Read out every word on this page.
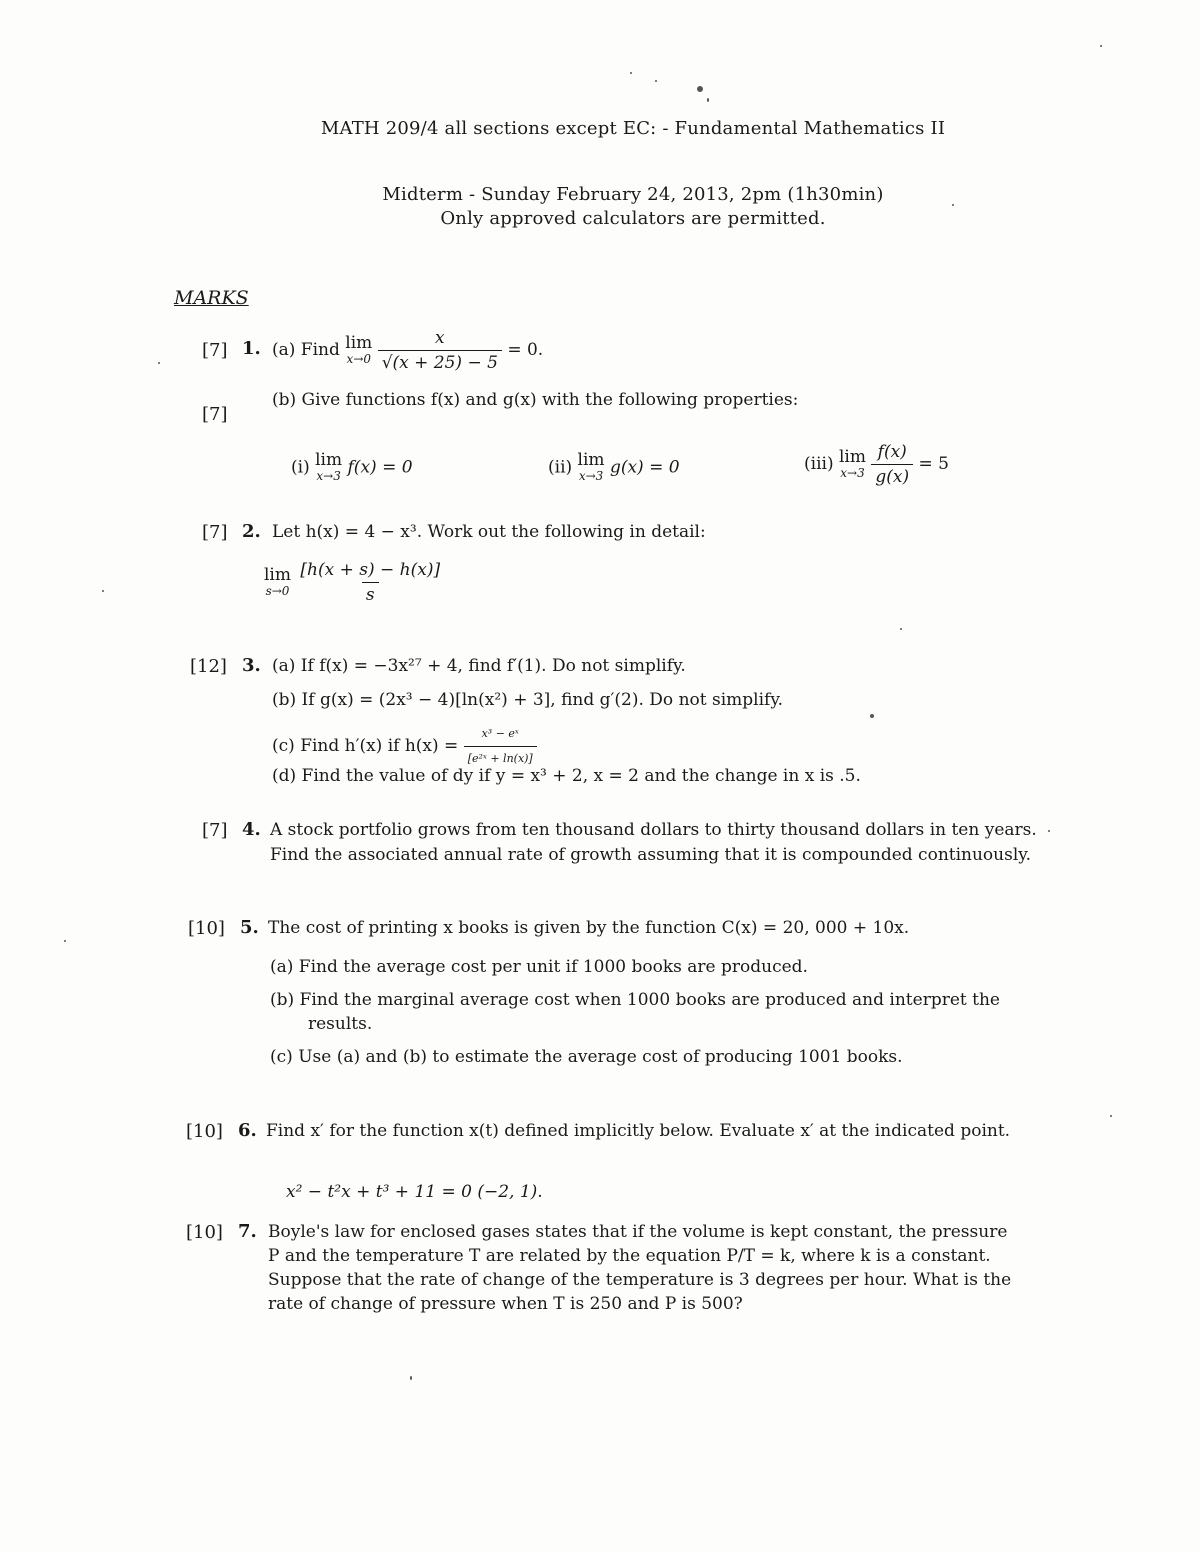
MATH 209/4 all sections except EC: - Fundamental Mathematics II
Midterm - Sunday February 24, 2013, 2pm (1h30min)
Only approved calculators are permitted.
MARKS
[7] 1. (a) Find lim
x→0
$\frac{x}{√(x + 25) - 5} = 0$.
[7]
(b) Give functions f(x) and g(x) with the following properties:
(i) lim
x→3 f(x) = 0	(ii) lim
x→3 g(x) = 0	(iii) lim
x→3
$\frac{f(x)}{g(x)} = 5$
[7] 2. Let h(x) = 4 − x³. Work out the following in detail:
lim
s→0
$\frac{[h(x + s) - h(x)]}{s}$
[12] 3. (a) If f(x) = −3x²⁷ + 4, find f′(1). Do not simplify.
(b) If g(x) = (2x³ − 4)[ln(x²) + 3], find g′(2). Do not simplify.
(c) Find h′(x) if $h(x) = \frac{\text{x³ − eˣ}}{\text{[e²ˣ + ln(x)]}}$
(d) Find the value of dy if y = x³ + 2, x = 2 and the change in x is .5.
[7] 4. A stock portfolio grows from ten thousand dollars to thirty thousand dollars in ten years.
Find the associated annual rate of growth assuming that it is compounded continuously.
[10] 5. The cost of printing x books is given by the function C(x) = 20, 000 + 10x.
(a) Find the average cost per unit if 1000 books are produced.
(b) Find the marginal average cost when 1000 books are produced and interpret the
results.
(c) Use (a) and (b) to estimate the average cost of producing 1001 books.
[10] 6. Find x′ for the function x(t) defined implicitly below. Evaluate x′ at the indicated point.
x² − t²x + t³ + 11 = 0 (−2, 1).
[10] 7. Boyle's law for enclosed gases states that if the volume is kept constant, the pressure
P and the temperature T are related by the equation P/T = k, where k is a constant.
Suppose that the rate of change of the temperature is 3 degrees per hour. What is the
rate of change of pressure when T is 250 and P is 500?
